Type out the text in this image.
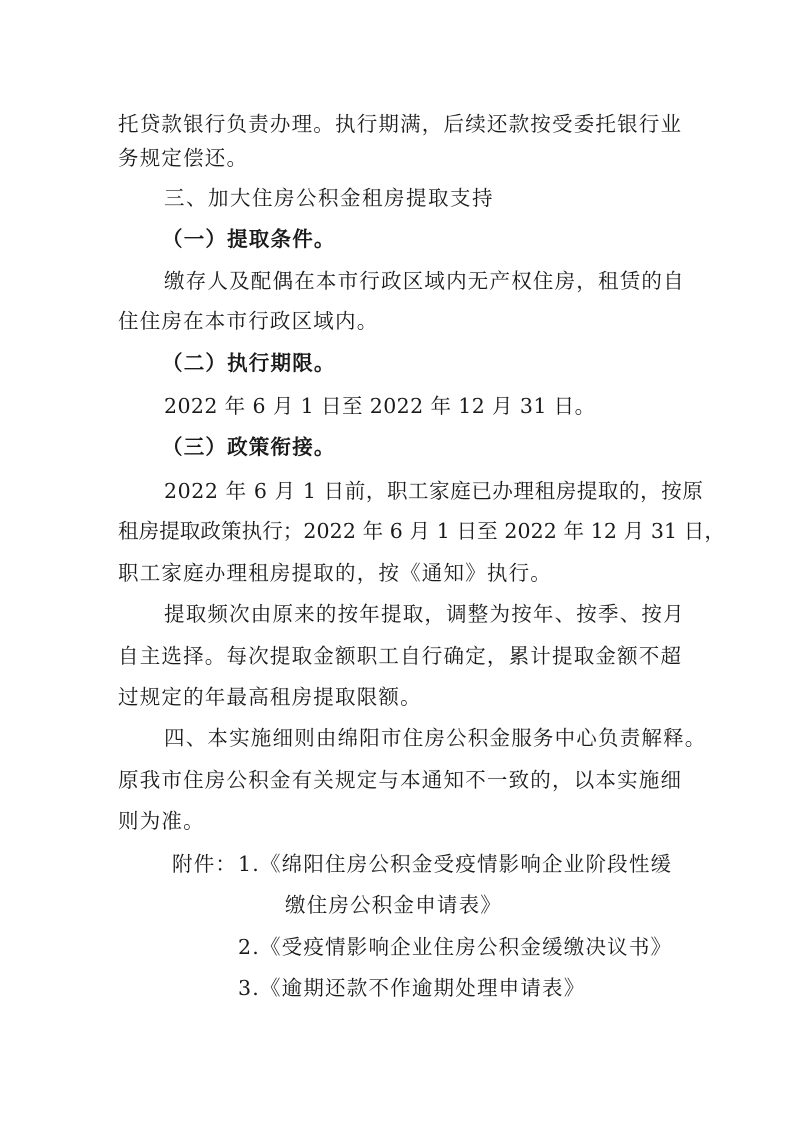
托贷款银行负责办理。执行期满，后续还款按受委托银行业
务规定偿还。
三、加大住房公积金租房提取支持
（一）提取条件。
缴存人及配偶在本市行政区域内无产权住房，租赁的自
住住房在本市行政区域内。
（二）执行期限。
2022 年 6 月 1 日至 2022 年 12 月 31 日。
（三）政策衔接。
2022 年 6 月 1 日前，职工家庭已办理租房提取的，按原
租房提取政策执行；2022 年 6 月 1 日至 2022 年 12 月 31 日，
职工家庭办理租房提取的，按《通知》执行。
提取频次由原来的按年提取，调整为按年、按季、按月
自主选择。每次提取金额职工自行确定，累计提取金额不超
过规定的年最高租房提取限额。
四、本实施细则由绵阳市住房公积金服务中心负责解释。
原我市住房公积金有关规定与本通知不一致的，以本实施细
则为准。
附件： 1.《绵阳住房公积金受疫情影响企业阶段性缓
缴住房公积金申请表》
2.《受疫情影响企业住房公积金缓缴决议书》
3.《逾期还款不作逾期处理申请表》
